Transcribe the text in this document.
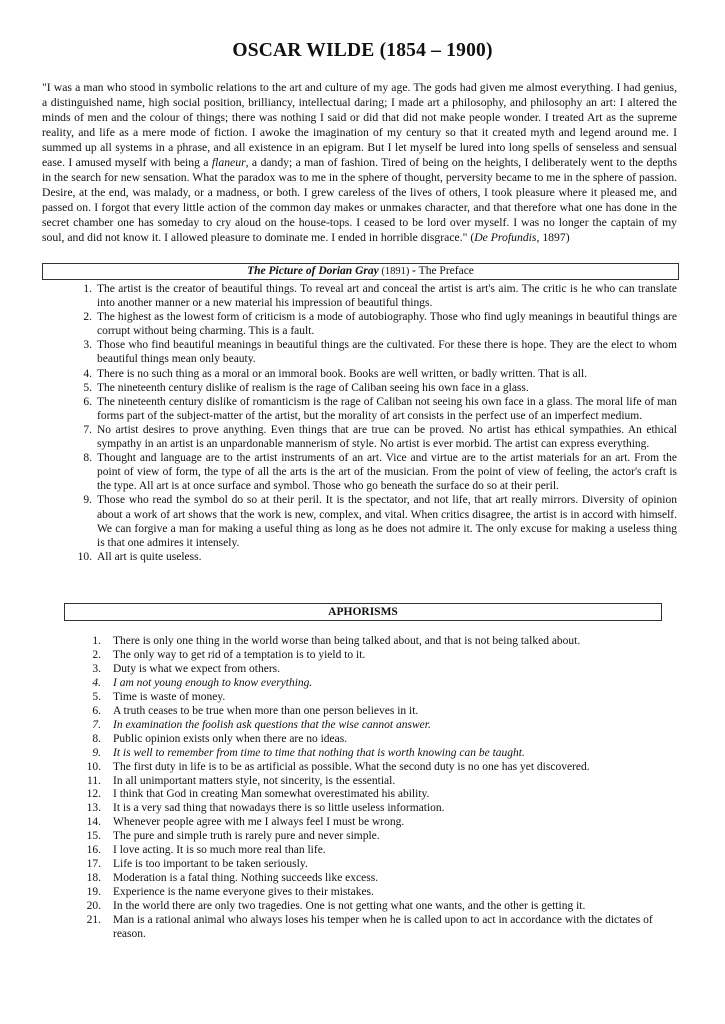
OSCAR WILDE (1854 – 1900)
"I was a man who stood in symbolic relations to the art and culture of my age. The gods had given me almost everything. I had genius, a distinguished name, high social position, brilliancy, intellectual daring; I made art a philosophy, and philosophy an art: I altered the minds of men and the colour of things; there was nothing I said or did that did not make people wonder. I treated Art as the supreme reality, and life as a mere mode of fiction. I awoke the imagination of my century so that it created myth and legend around me. I summed up all systems in a phrase, and all existence in an epigram. But I let myself be lured into long spells of senseless and sensual ease. I amused myself with being a flaneur, a dandy; a man of fashion. Tired of being on the heights, I deliberately went to the depths in the search for new sensation. What the paradox was to me in the sphere of thought, perversity became to me in the sphere of passion. Desire, at the end, was malady, or a madness, or both. I grew careless of the lives of others, I took pleasure where it pleased me, and passed on. I forgot that every little action of the common day makes or unmakes character, and that therefore what one has done in the secret chamber one has someday to cry aloud on the house-tops. I ceased to be lord over myself. I was no longer the captain of my soul, and did not know it. I allowed pleasure to dominate me. I ended in horrible disgrace." (De Profundis, 1897)
The Picture of Dorian Gray (1891) - The Preface
1. The artist is the creator of beautiful things. To reveal art and conceal the artist is art's aim. The critic is he who can translate into another manner or a new material his impression of beautiful things.
2. The highest as the lowest form of criticism is a mode of autobiography. Those who find ugly meanings in beautiful things are corrupt without being charming. This is a fault.
3. Those who find beautiful meanings in beautiful things are the cultivated. For these there is hope. They are the elect to whom beautiful things mean only beauty.
4. There is no such thing as a moral or an immoral book. Books are well written, or badly written. That is all.
5. The nineteenth century dislike of realism is the rage of Caliban seeing his own face in a glass.
6. The nineteenth century dislike of romanticism is the rage of Caliban not seeing his own face in a glass. The moral life of man forms part of the subject-matter of the artist, but the morality of art consists in the perfect use of an imperfect medium.
7. No artist desires to prove anything. Even things that are true can be proved. No artist has ethical sympathies. An ethical sympathy in an artist is an unpardonable mannerism of style. No artist is ever morbid. The artist can express everything.
8. Thought and language are to the artist instruments of an art. Vice and virtue are to the artist materials for an art. From the point of view of form, the type of all the arts is the art of the musician. From the point of view of feeling, the actor's craft is the type. All art is at once surface and symbol. Those who go beneath the surface do so at their peril.
9. Those who read the symbol do so at their peril. It is the spectator, and not life, that art really mirrors. Diversity of opinion about a work of art shows that the work is new, complex, and vital. When critics disagree, the artist is in accord with himself. We can forgive a man for making a useful thing as long as he does not admire it. The only excuse for making a useless thing is that one admires it intensely.
10. All art is quite useless.
APHORISMS
1.	There is only one thing in the world worse than being talked about, and that is not being talked about.
2.	The only way to get rid of a temptation is to yield to it.
3.	Duty is what we expect from others.
4.	I am not young enough to know everything.
5.	Time is waste of money.
6.	A truth ceases to be true when more than one person believes in it.
7.	In examination the foolish ask questions that the wise cannot answer.
8.	Public opinion exists only when there are no ideas.
9.	It is well to remember from time to time that nothing that is worth knowing can be taught.
10.	The first duty in life is to be as artificial as possible. What the second duty is no one has yet discovered.
11.	In all unimportant matters style, not sincerity, is the essential.
12.	I think that God in creating Man somewhat overestimated his ability.
13.	It is a very sad thing that nowadays there is so little useless information.
14.	Whenever people agree with me I always feel I must be wrong.
15.	The pure and simple truth is rarely pure and never simple.
16.	I love acting. It is so much more real than life.
17.	Life is too important to be taken seriously.
18.	Moderation is a fatal thing. Nothing succeeds like excess.
19.	Experience is the name everyone gives to their mistakes.
20.	In the world there are only two tragedies. One is not getting what one wants, and the other is getting it.
21.	Man is a rational animal who always loses his temper when he is called upon to act in accordance with the dictates of reason.
